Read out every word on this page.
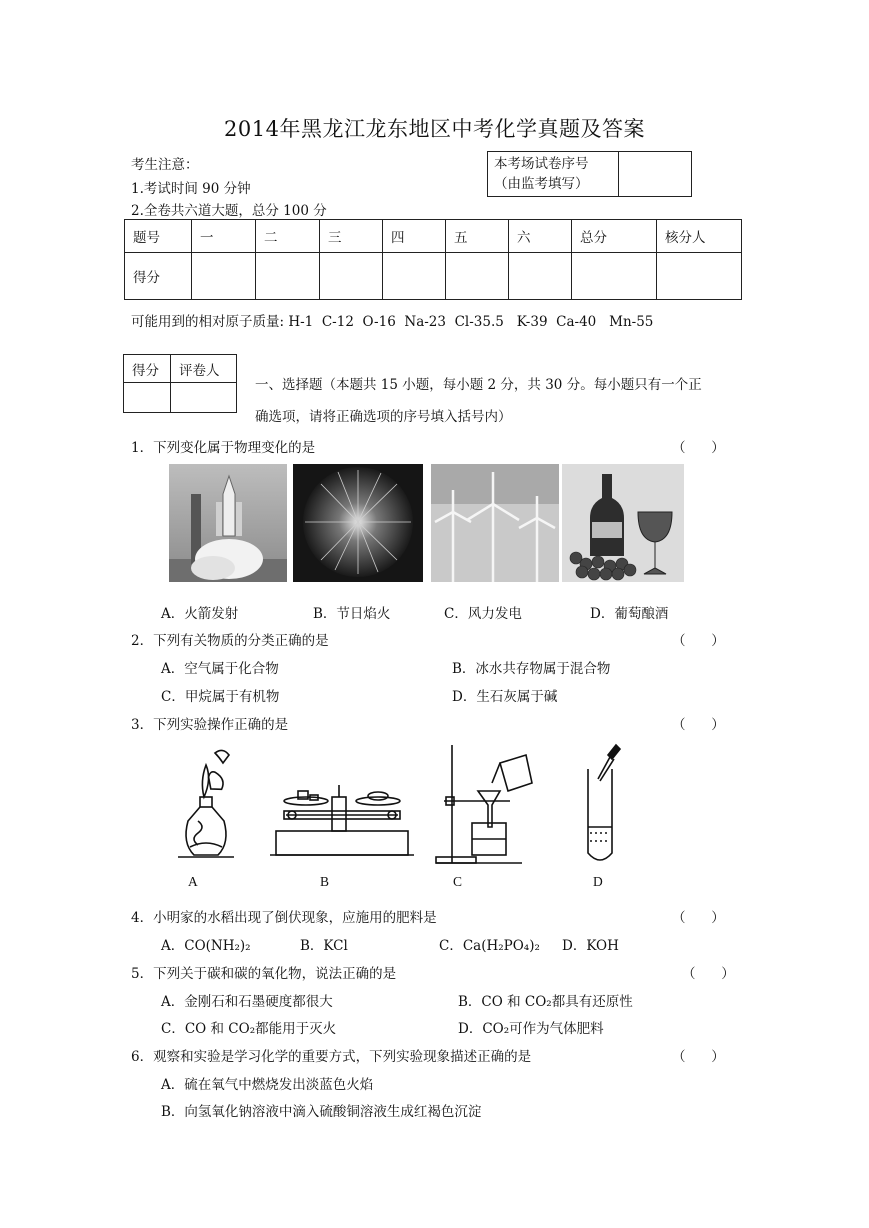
2014年黑龙江龙东地区中考化学真题及答案
考生注意：
1.考试时间 90 分钟
2.全卷共六道大题，总分 100 分
本考场试卷序号
（由监考填写）

题号	一	二	三	四	五	六	总分	核分人
得分								
可能用到的相对原子质量: H-1  C-12  O-16  Na-23  Cl-35.5   K-39  Ca-40   Mn-55
得分	评卷人

一、选择题（本题共 15 小题，每小题 2 分，共 30 分。每小题只有一个正
确选项，请将正确选项的序号填入括号内）
1．下列变化属于物理变化的是	（      ）
A．火箭发射	B．节日焰火	C．风力发电	D．葡萄酿酒
2．下列有关物质的分类正确的是	（      ）
A．空气属于化合物	B．冰水共存物属于混合物
C．甲烷属于有机物	D．生石灰属于碱
3．下列实验操作正确的是	（      ）
A	B	C	D
4．小明家的水稻出现了倒伏现象，应施用的肥料是	（      ）
A．CO(NH₂)₂	B．KCl	C．Ca(H₂PO₄)₂ D．KOH
5．下列关于碳和碳的氧化物，说法正确的是	（      ）
A．金刚石和石墨硬度都很大	B．CO 和 CO₂都具有还原性
C．CO 和 CO₂都能用于灭火	D．CO₂可作为气体肥料
6．观察和实验是学习化学的重要方式，下列实验现象描述正确的是	（      ）
A．硫在氧气中燃烧发出淡蓝色火焰
B．向氢氧化钠溶液中滴入硫酸铜溶液生成红褐色沉淀
